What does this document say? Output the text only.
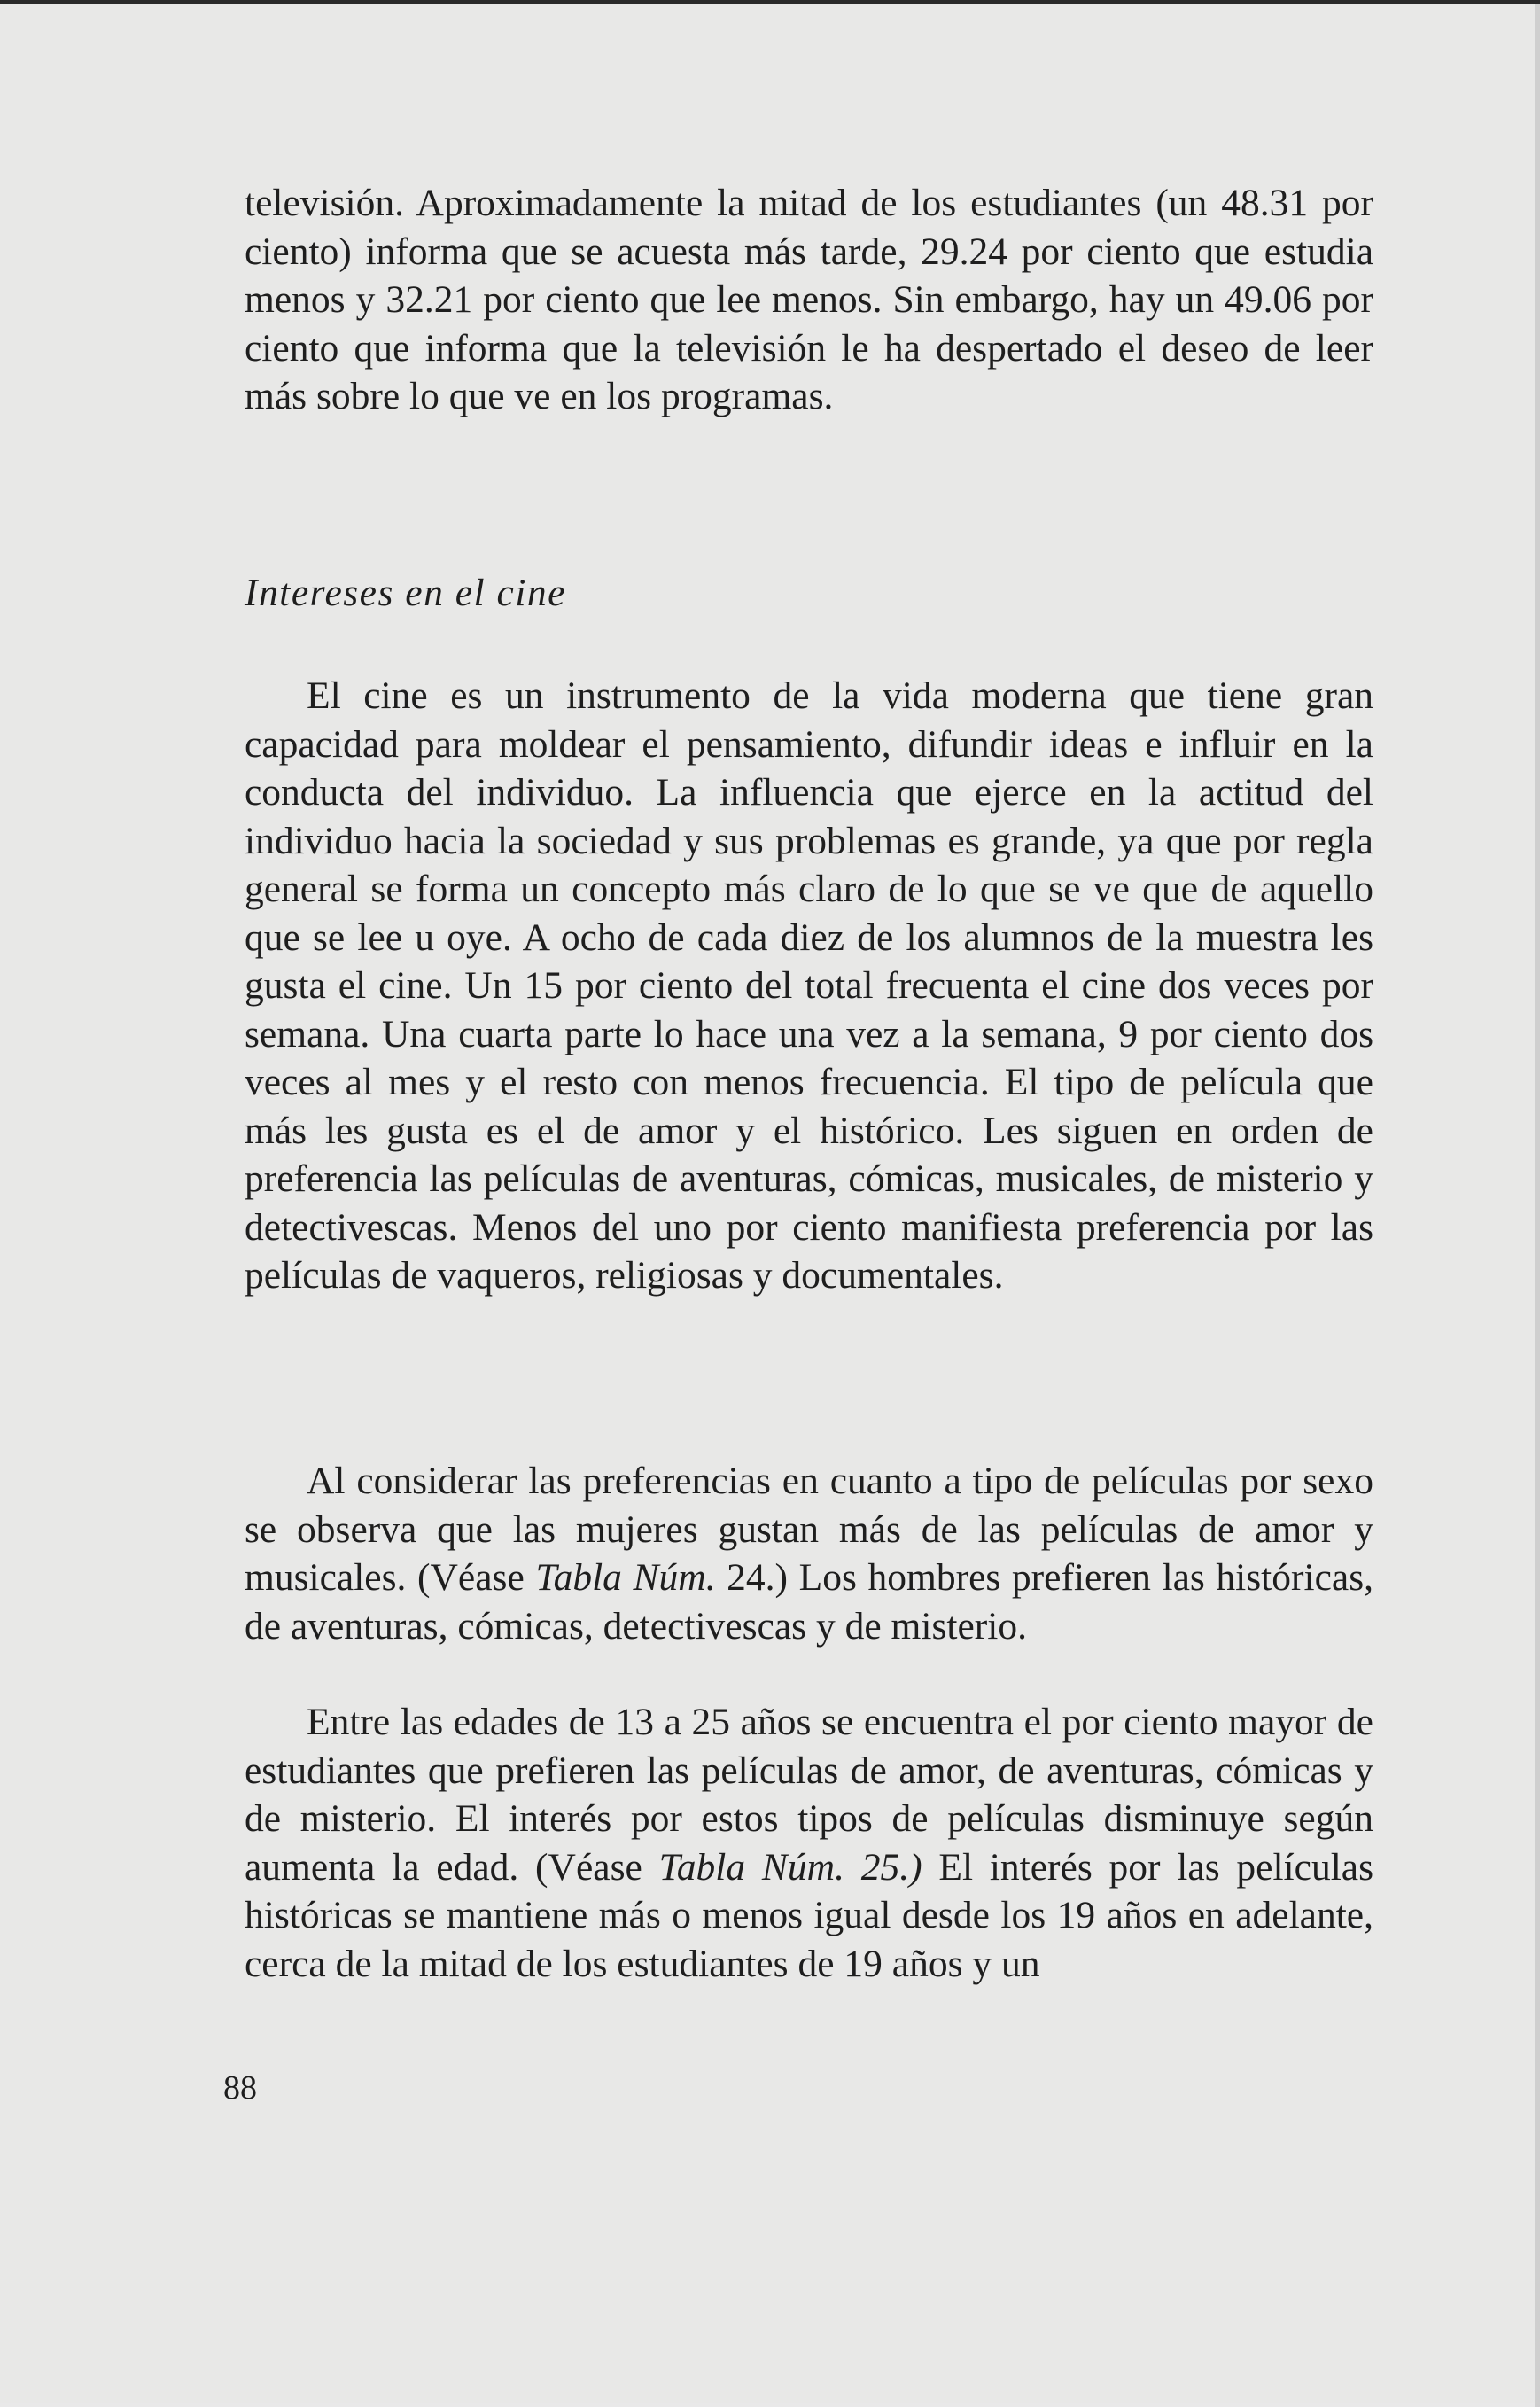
televisión. Aproximadamente la mitad de los estudiantes (un 48.31 por ciento) informa que se acuesta más tarde, 29.24 por ciento que estudia menos y 32.21 por ciento que lee menos. Sin embargo, hay un 49.06 por ciento que informa que la televisión le ha despertado el deseo de leer más sobre lo que ve en los programas.

Intereses en el cine

El cine es un instrumento de la vida moderna que tiene gran capacidad para moldear el pensamiento, difundir ideas e influir en la conducta del individuo. La influencia que ejerce en la actitud del individuo hacia la sociedad y sus problemas es grande, ya que por regla general se forma un concepto más claro de lo que se ve que de aquello que se lee u oye. A ocho de cada diez de los alumnos de la muestra les gusta el cine. Un 15 por ciento del total frecuenta el cine dos veces por semana. Una cuarta parte lo hace una vez a la semana, 9 por ciento dos veces al mes y el resto con menos frecuencia. El tipo de película que más les gusta es el de amor y el histórico. Les siguen en orden de preferencia las películas de aventuras, cómicas, musicales, de misterio y detectivescas. Menos del uno por ciento manifiesta preferencia por las películas de vaqueros, religiosas y documentales.

Al considerar las preferencias en cuanto a tipo de películas por sexo se observa que las mujeres gustan más de las películas de amor y musicales. (Véase Tabla Núm. 24.) Los hombres prefieren las históricas, de aventuras, cómicas, detectivescas y de misterio.

Entre las edades de 13 a 25 años se encuentra el por ciento mayor de estudiantes que prefieren las películas de amor, de aventuras, cómicas y de misterio. El interés por estos tipos de películas disminuye según aumenta la edad. (Véase Tabla Núm. 25.) El interés por las películas históricas se mantiene más o menos igual desde los 19 años en adelante, cerca de la mitad de los estudiantes de 19 años y un

88
